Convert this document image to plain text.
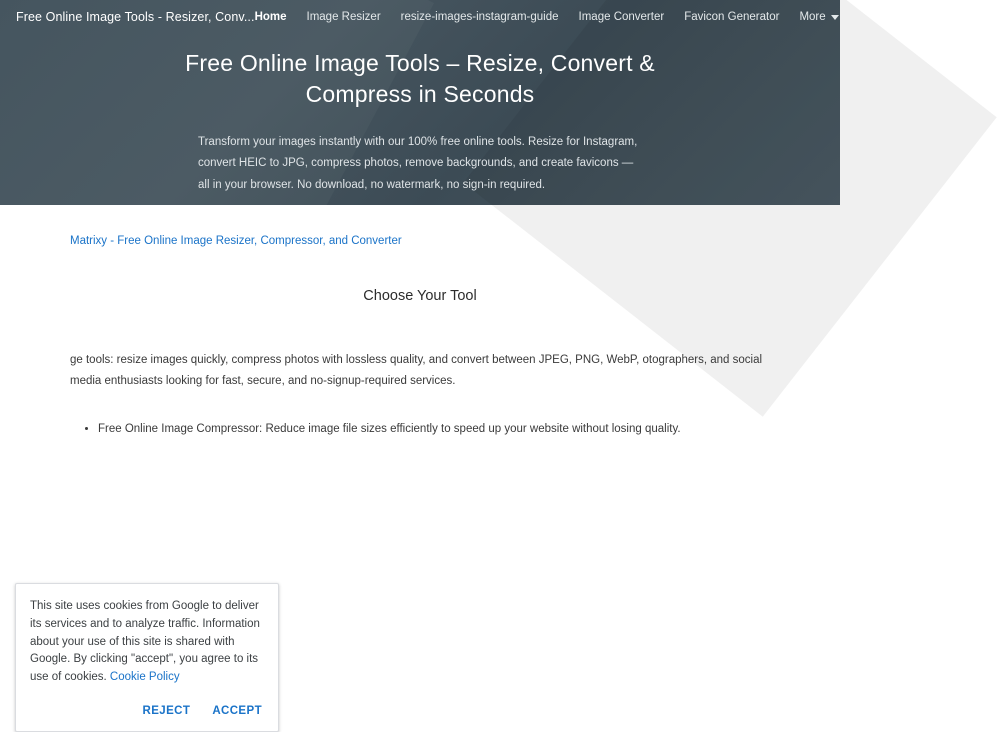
Free Online Image Tools - Resizer, Conv... Home Image Resizer resize-images-instagram-guide Image Converter Favicon Generator More
Free Online Image Tools – Resize, Convert & Compress in Seconds

Transform your images instantly with our 100% free online tools. Resize for Instagram, convert HEIC to JPG, compress photos, remove backgrounds, and create favicons — all in your browser. No download, no watermark, no sign-in required.

Matrixy - Free Online Image Resizer, Compressor, and Converter
Choose Your Tool

ge tools: resize images quickly, compress photos with lossless quality, and convert between JPEG, PNG, WebP, otographers, and social media enthusiasts looking for fast, secure, and no-signup-required services.

• Free Online Image Compressor: Reduce image file sizes efficiently to speed up your website without losing quality.
This site uses cookies from Google to deliver its services and to analyze traffic. Information about your use of this site is shared with Google. By clicking "accept", you agree to its use of cookies. Cookie Policy
REJECT ACCEPT
